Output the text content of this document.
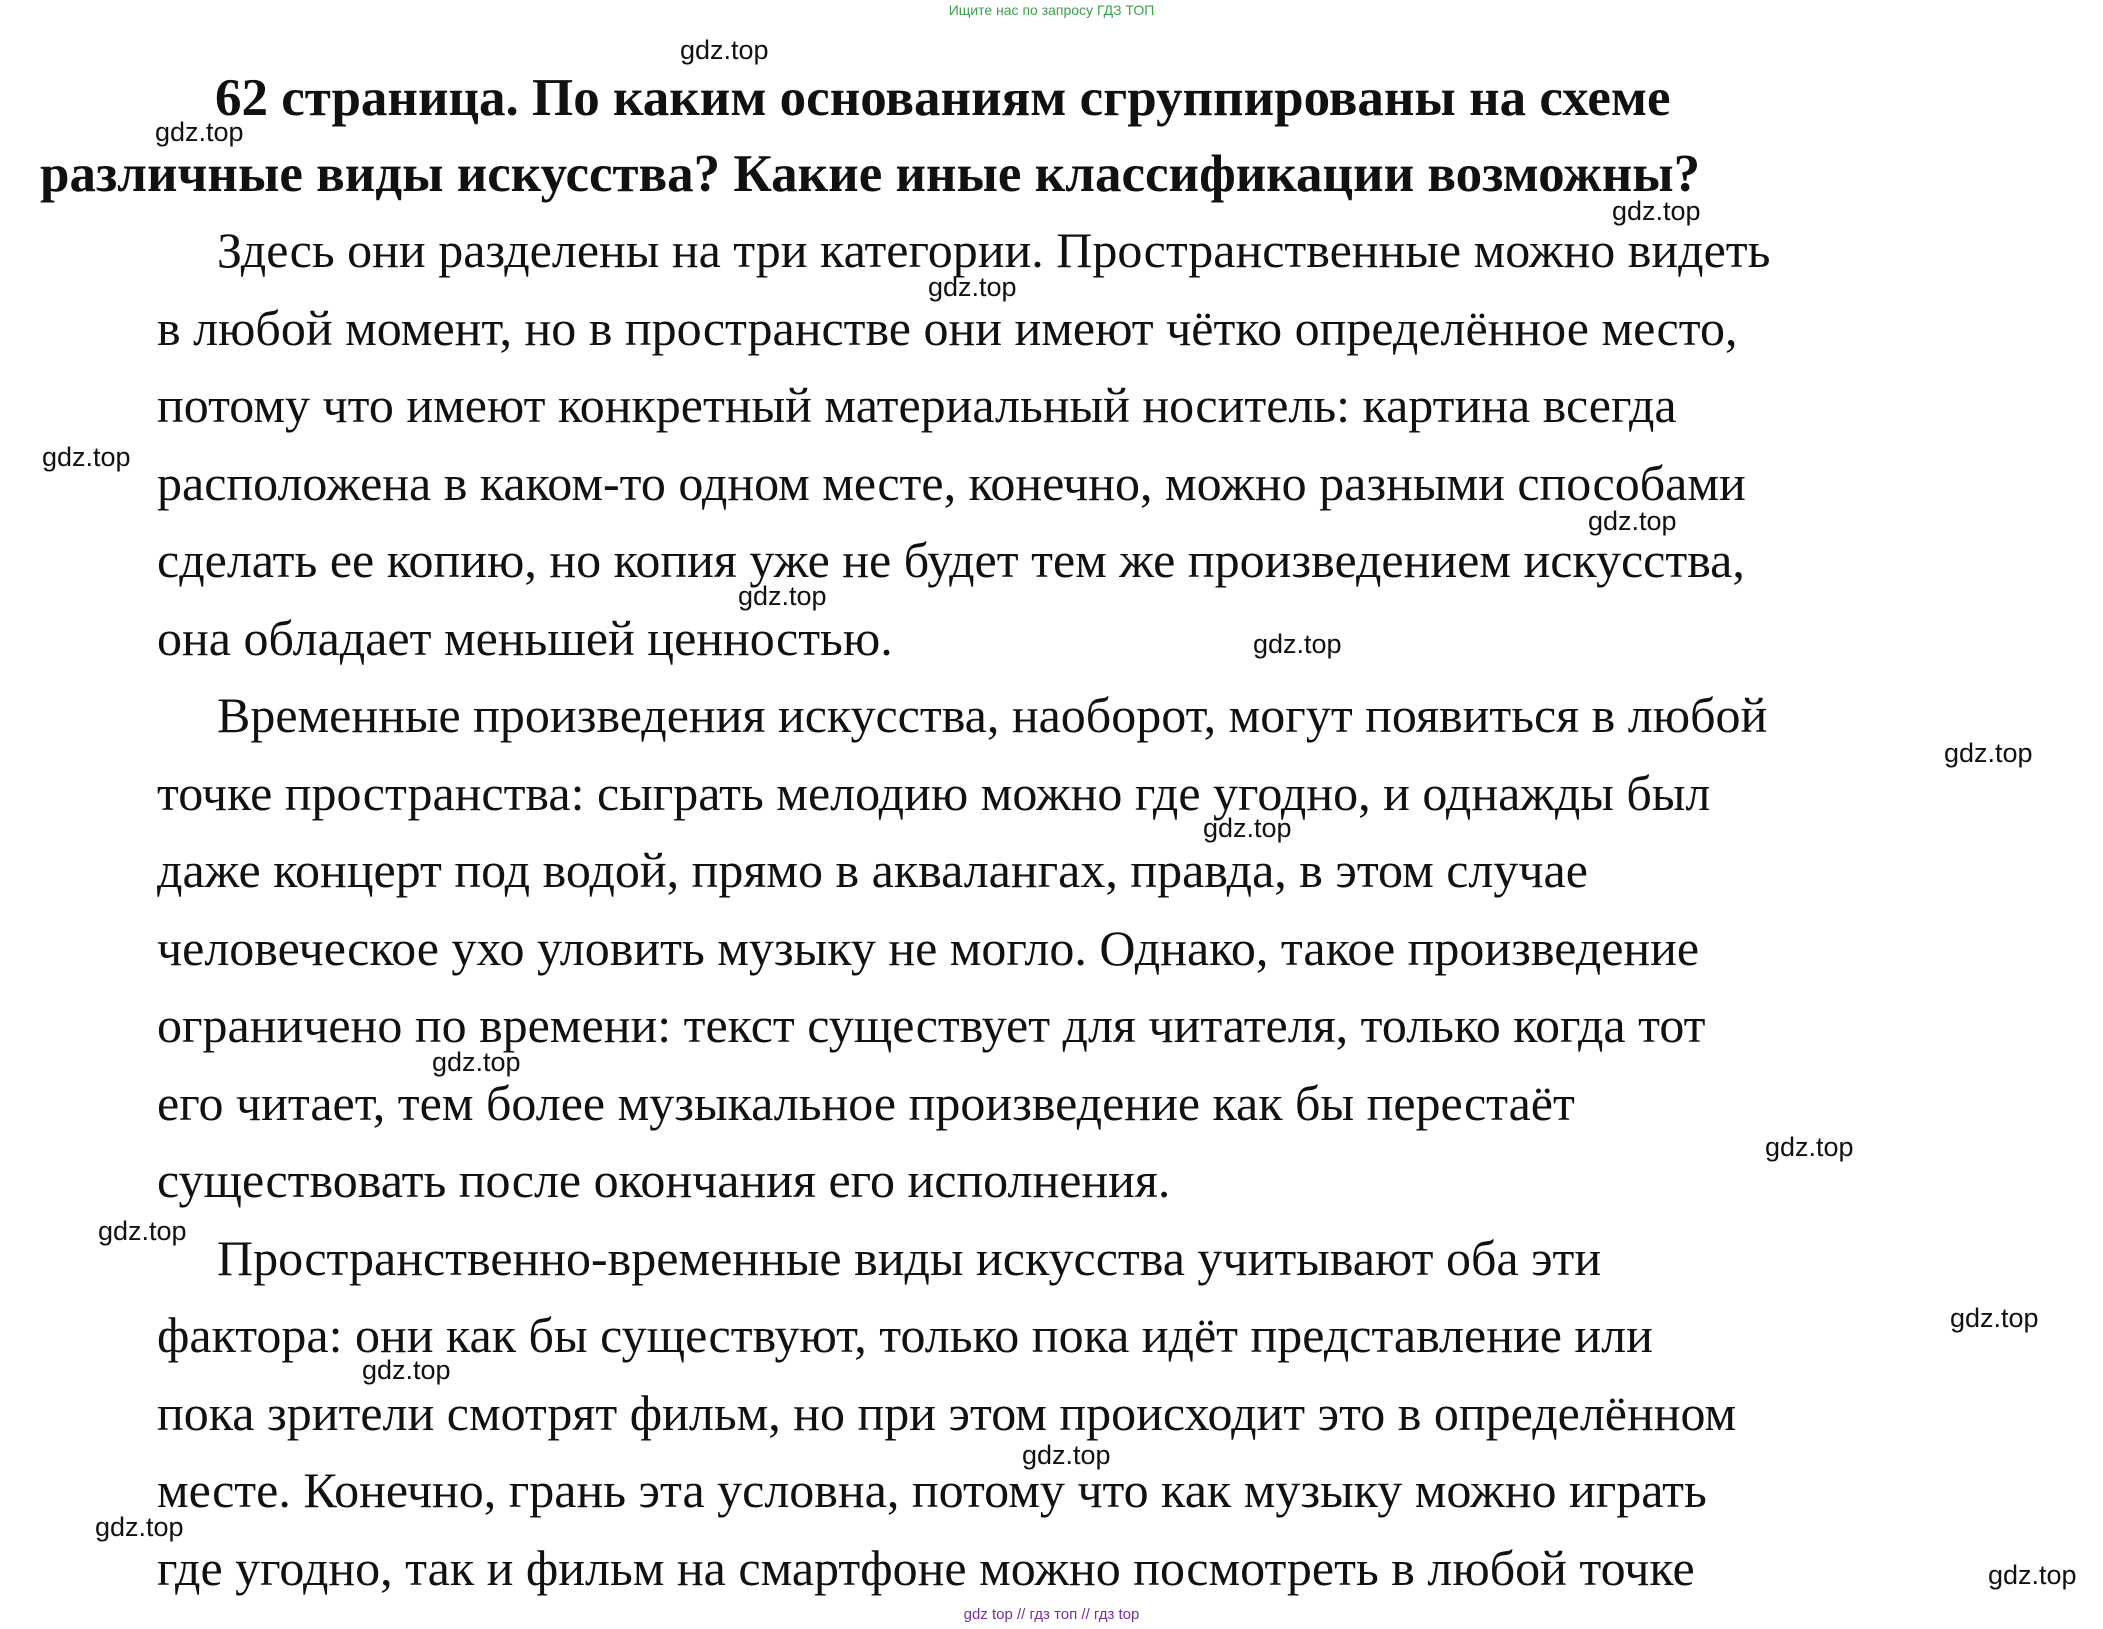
Ищите нас по запросу ГДЗ ТОП
62 страница. По каким основаниям сгруппированы на схеме
различные виды искусства? Какие иные классификации возможны?

Здесь они разделены на три категории. Пространственные можно видеть
в любой момент, но в пространстве они имеют чётко определённое место,
потому что имеют конкретный материальный носитель: картина всегда
расположена в каком-то одном месте, конечно, можно разными способами
сделать ее копию, но копия уже не будет тем же произведением искусства,
она обладает меньшей ценностью.

Временные произведения искусства, наоборот, могут появиться в любой
точке пространства: сыграть мелодию можно где угодно, и однажды был
даже концерт под водой, прямо в аквалангах, правда, в этом случае
человеческое ухо уловить музыку не могло. Однако, такое произведение
ограничено по времени: текст существует для читателя, только когда тот
его читает, тем более музыкальное произведение как бы перестаёт
существовать после окончания его исполнения.

Пространственно-временные виды искусства учитывают оба эти
фактора: они как бы существуют, только пока идёт представление или
пока зрители смотрят фильм, но при этом происходит это в определённом
месте. Конечно, грань эта условна, потому что как музыку можно играть
где угодно, так и фильм на смартфоне можно посмотреть в любой точке

gdz.top
gdz.top
gdz.top
gdz.top
gdz.top
gdz.top
gdz.top
gdz.top
gdz.top
gdz.top
gdz.top
gdz.top
gdz.top
gdz.top
gdz.top
gdz.top
gdz.top
gdz.top
gdz top // гдз топ // гдз top
